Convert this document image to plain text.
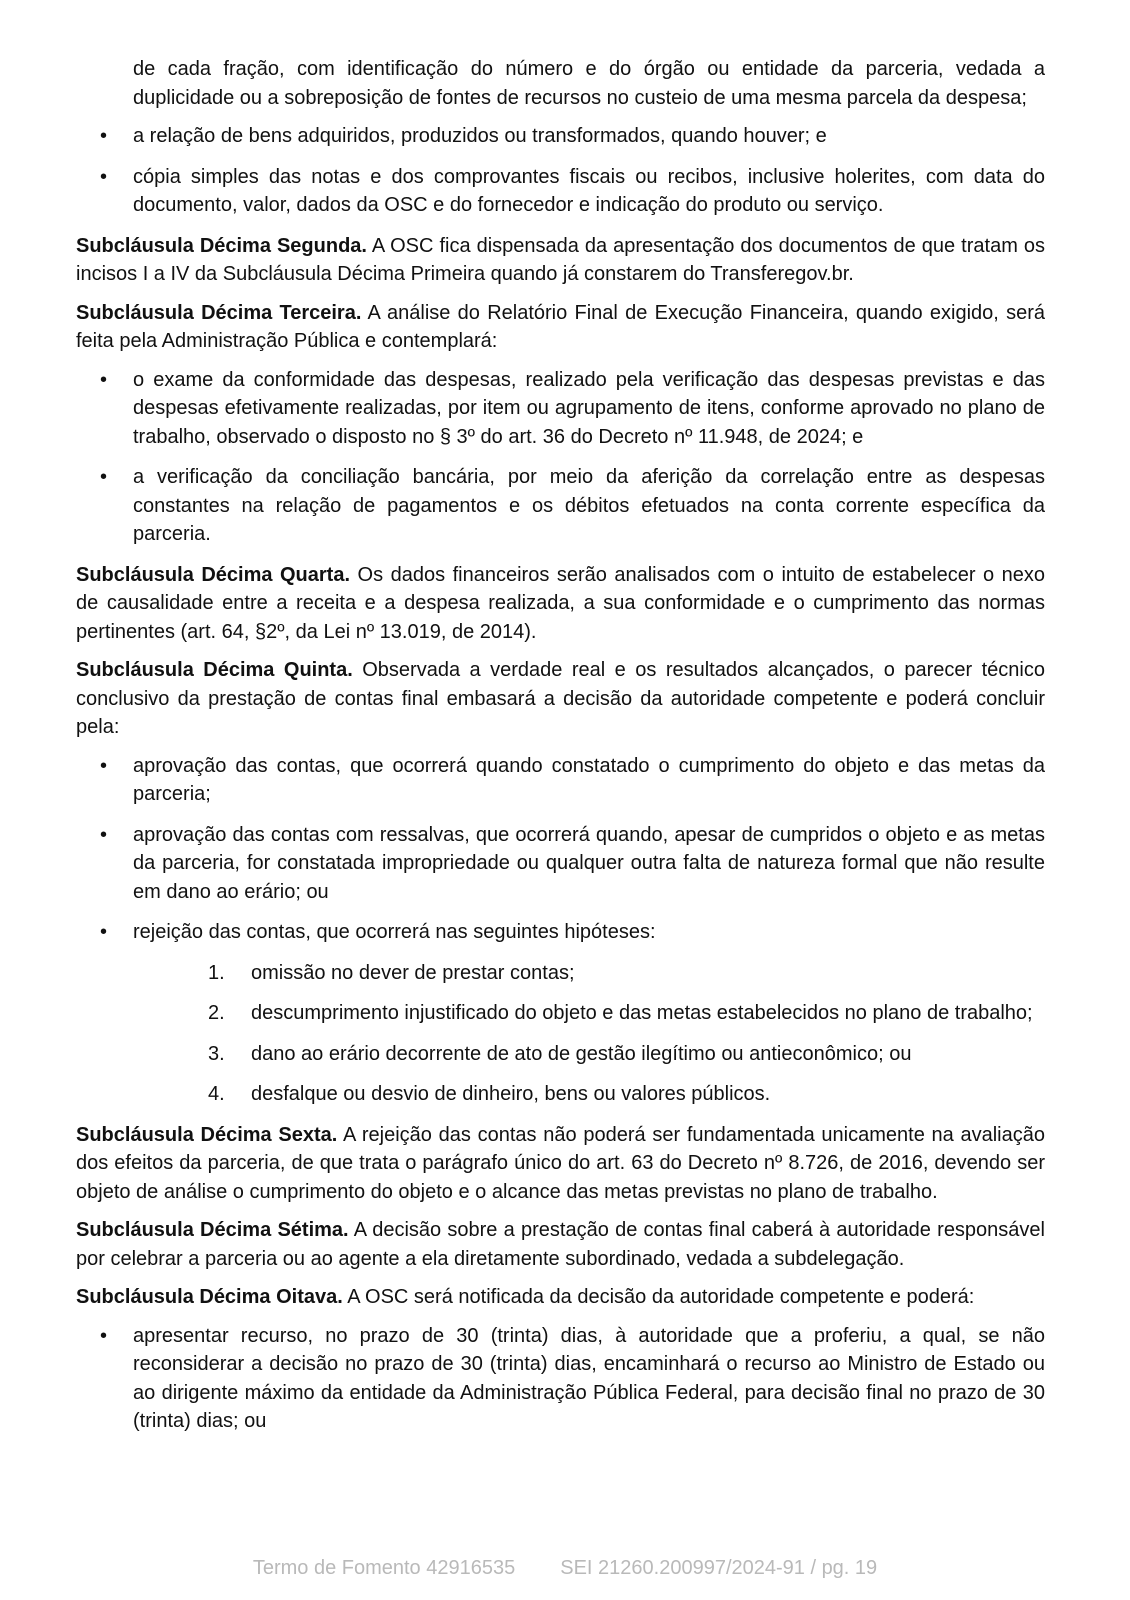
de cada fração, com identificação do número e do órgão ou entidade da parceria, vedada a duplicidade ou a sobreposição de fontes de recursos no custeio de uma mesma parcela da despesa;

•	a relação de bens adquiridos, produzidos ou transformados, quando houver; e

•	cópia simples das notas e dos comprovantes fiscais ou recibos, inclusive holerites, com data do documento, valor, dados da OSC e do fornecedor e indicação do produto ou serviço.

Subcláusula Décima Segunda. A OSC fica dispensada da apresentação dos documentos de que tratam os incisos I a IV da Subcláusula Décima Primeira quando já constarem do Transferegov.br.

Subcláusula Décima Terceira. A análise do Relatório Final de Execução Financeira, quando exigido, será feita pela Administração Pública e contemplará:

•	o exame da conformidade das despesas, realizado pela verificação das despesas previstas e das despesas efetivamente realizadas, por item ou agrupamento de itens, conforme aprovado no plano de trabalho, observado o disposto no § 3º do art. 36 do Decreto nº 11.948, de 2024; e

•	a verificação da conciliação bancária, por meio da aferição da correlação entre as despesas constantes na relação de pagamentos e os débitos efetuados na conta corrente específica da parceria.

Subcláusula Décima Quarta. Os dados financeiros serão analisados com o intuito de estabelecer o nexo de causalidade entre a receita e a despesa realizada, a sua conformidade e o cumprimento das normas pertinentes (art. 64, §2º, da Lei nº 13.019, de 2014).

Subcláusula Décima Quinta. Observada a verdade real e os resultados alcançados, o parecer técnico conclusivo da prestação de contas final embasará a decisão da autoridade competente e poderá concluir pela:

•	aprovação das contas, que ocorrerá quando constatado o cumprimento do objeto e das metas da parceria;

•	aprovação das contas com ressalvas, que ocorrerá quando, apesar de cumpridos o objeto e as metas da parceria, for constatada impropriedade ou qualquer outra falta de natureza formal que não resulte em dano ao erário; ou

•	rejeição das contas, que ocorrerá nas seguintes hipóteses:

1.	omissão no dever de prestar contas;

2.	descumprimento injustificado do objeto e das metas estabelecidos no plano de trabalho;

3.	dano ao erário decorrente de ato de gestão ilegítimo ou antieconômico; ou

4.	desfalque ou desvio de dinheiro, bens ou valores públicos.

Subcláusula Décima Sexta. A rejeição das contas não poderá ser fundamentada unicamente na avaliação dos efeitos da parceria, de que trata o parágrafo único do art. 63 do Decreto nº 8.726, de 2016, devendo ser objeto de análise o cumprimento do objeto e o alcance das metas previstas no plano de trabalho.

Subcláusula Décima Sétima. A decisão sobre a prestação de contas final caberá à autoridade responsável por celebrar a parceria ou ao agente a ela diretamente subordinado, vedada a subdelegação.

Subcláusula Décima Oitava. A OSC será notificada da decisão da autoridade competente e poderá:

•	apresentar recurso, no prazo de 30 (trinta) dias, à autoridade que a proferiu, a qual, se não reconsiderar a decisão no prazo de 30 (trinta) dias, encaminhará o recurso ao Ministro de Estado ou ao dirigente máximo da entidade da Administração Pública Federal, para decisão final no prazo de 30 (trinta) dias; ou

Termo de Fomento 42916535 SEI 21260.200997/2024-91 / pg. 19
